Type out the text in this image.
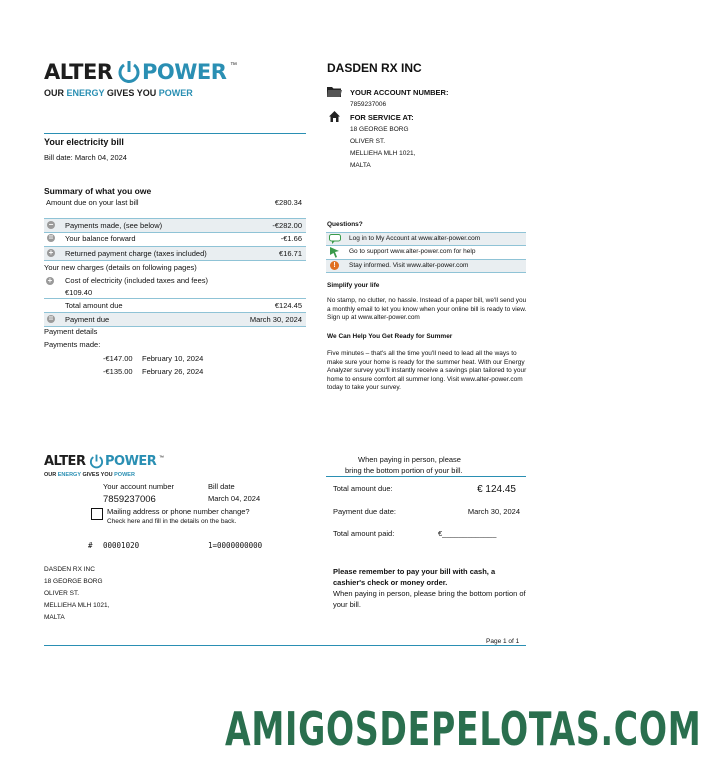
ALTER POWER ™
OUR ENERGY GIVES YOU POWER
DASDEN RX INC
YOUR ACCOUNT NUMBER:
7859237006
FOR SERVICE AT:
18 GEORGE BORG
OLIVER ST.
MELLIEHA MLH 1021,
MALTA
Your electricity bill
Bill date: March 04, 2024
Summary of what you owe
Amount due on your last bill	€280.34
− Payments made, (see below)	-€282.00
= Your balance forward	-€1.66
+ Returned payment charge (taxes included)	€16.71
Your new charges (details on following pages)
+ Cost of electricity (included taxes and fees)
€109.40
Total amount due	€124.45
= Payment due	March 30, 2024
Payment details
Payments made:
-€147.00 February 10, 2024
-€135.00 February 26, 2024
Questions?
Log in to My Account at www.alter-power.com
Go to support www.alter-power.com for help
!	Stay informed. Visit www.alter-power.com
Simplify your life
No stamp, no clutter, no hassle. Instead of a paper bill, we'll send you a monthly email to let you know when your online bill is ready to view. Sign up at www.alter-power.com
We Can Help You Get Ready for Summer
Five minutes – that's all the time you'll need to lead all the ways to make sure your home is ready for the summer heat. With our Energy Analyzer survey you'll instantly receive a savings plan tailored to your home to ensure comfort all summer long. Visit www.alter-power.com today to take your survey.
ALTER POWER ™
OUR ENERGY GIVES YOU POWER
When paying in person, please
bring the bottom portion of your bill.
Your account number
7859237006
Bill date
March 04, 2024
Mailing address or phone number change?
Check here and fill in the details on the back.
# 00001020	1=0000000000
DASDEN RX INC
18 GEORGE BORG
OLIVER ST.
MELLIEHA MLH 1021,
MALTA
Total amount due:	€ 124.45
Payment due date:	March 30, 2024
Total amount paid:	€_____________
Please remember to pay your bill with cash, a cashier's check or money order.
When paying in person, please bring the bottom portion of your bill.
Page 1 of 1
AMIGOSDEPELOTAS.COM
